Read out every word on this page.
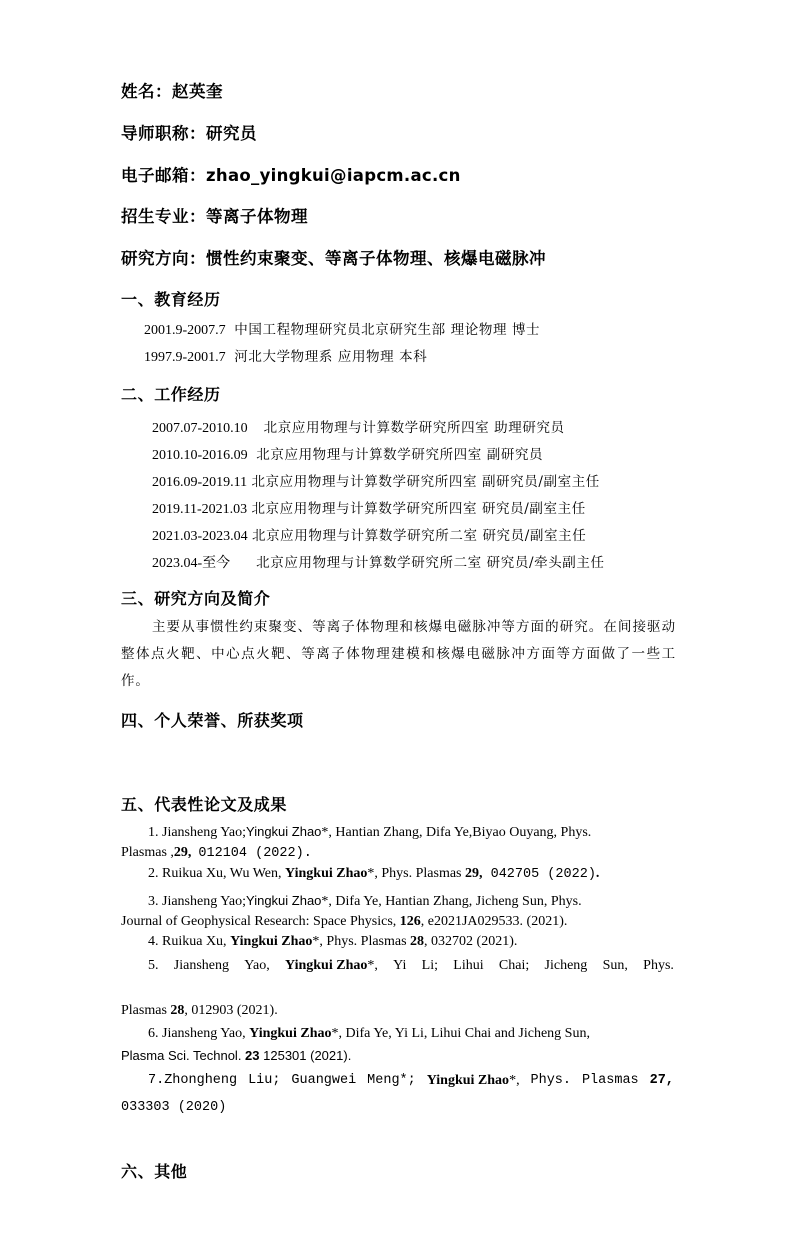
姓名：赵英奎
导师职称：研究员
电子邮箱：zhao_yingkui@iapcm.ac.cn
招生专业：等离子体物理
研究方向：惯性约束聚变、等离子体物理、核爆电磁脉冲
一、教育经历
2001.9-2007.7 中国工程物理研究员北京研究生部 理论物理 博士
1997.9-2001.7 河北大学物理系 应用物理 本科
二、工作经历
2007.07-2010.10 北京应用物理与计算数学研究所四室 助理研究员
2010.10-2016.09 北京应用物理与计算数学研究所四室 副研究员
2016.09-2019.11 北京应用物理与计算数学研究所四室 副研究员/副室主任
2019.11-2021.03 北京应用物理与计算数学研究所四室 研究员/副室主任
2021.03-2023.04 北京应用物理与计算数学研究所二室 研究员/副室主任
2023.04-至今 北京应用物理与计算数学研究所二室 研究员/牵头副主任
三、研究方向及简介
主要从事惯性约束聚变、等离子体物理和核爆电磁脉冲等方面的研究。在间接驱动整体点火靶、中心点火靶、等离子体物理建模和核爆电磁脉冲方面等方面做了一些工作。
四、个人荣誉、所获奖项
五、代表性论文及成果
1. Jiansheng Yao;Yingkui Zhao*, Hantian Zhang, Difa Ye,Biyao Ouyang, Phys.
Plasmas ,29, 012104 (2022).
2. Ruikua Xu, Wu Wen, Yingkui Zhao*, Phys. Plasmas 29, 042705 (2022).
3. Jiansheng Yao;Yingkui Zhao*, Difa Ye, Hantian Zhang, Jicheng Sun, Phys.
Journal of Geophysical Research: Space Physics, 126, e2021JA029533. (2021).
4. Ruikua Xu, Yingkui Zhao*, Phys. Plasmas 28, 032702 (2021).
5. Jiansheng Yao, Yingkui Zhao*, Yi Li; Lihui Chai; Jicheng Sun, Phys.
Plasmas 28, 012903 (2021).
6. Jiansheng Yao, Yingkui Zhao*, Difa Ye, Yi Li, Lihui Chai and Jicheng Sun,
Plasma Sci. Technol. 23 125301 (2021).
7.Zhongheng Liu; Guangwei Meng*; Yingkui Zhao*, Phys. Plasmas 27,
033303 (2020)
六、其他
